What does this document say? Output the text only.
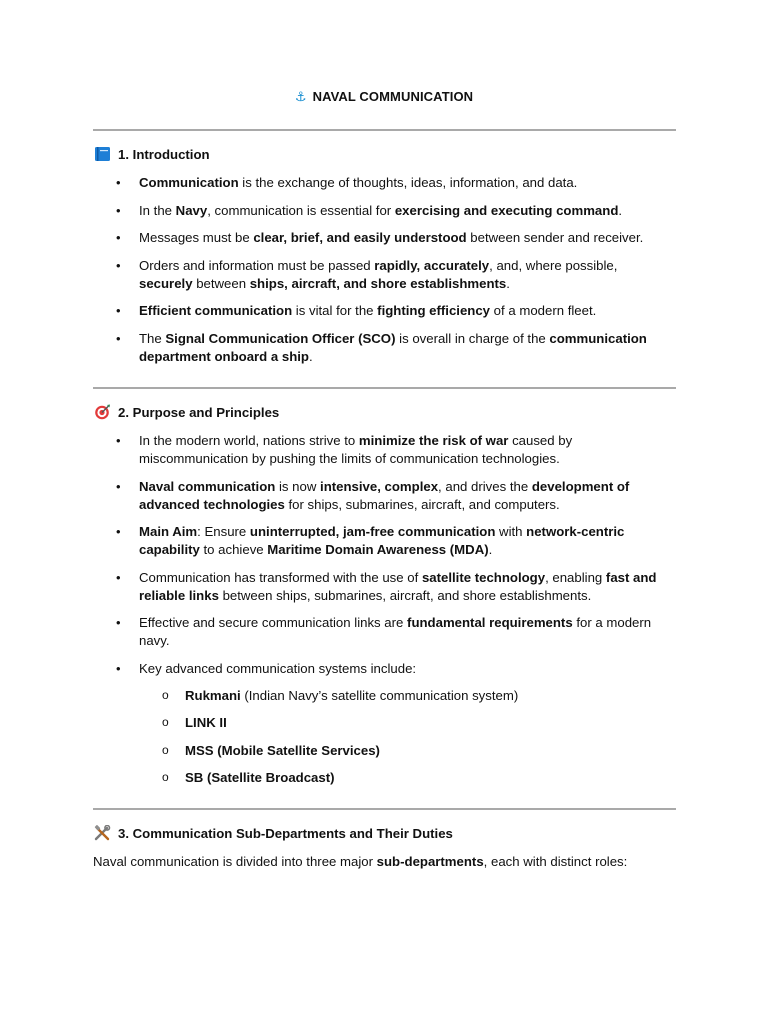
⚓ NAVAL COMMUNICATION
1. Introduction
• Communication is the exchange of thoughts, ideas, information, and data.
• In the Navy, communication is essential for exercising and executing command.
• Messages must be clear, brief, and easily understood between sender and receiver.
• Orders and information must be passed rapidly, accurately, and, where possible, securely between ships, aircraft, and shore establishments.
• Efficient communication is vital for the fighting efficiency of a modern fleet.
• The Signal Communication Officer (SCO) is overall in charge of the communication department onboard a ship.
2. Purpose and Principles
• In the modern world, nations strive to minimize the risk of war caused by miscommunication by pushing the limits of communication technologies.
• Naval communication is now intensive, complex, and drives the development of advanced technologies for ships, submarines, aircraft, and computers.
• Main Aim: Ensure uninterrupted, jam-free communication with network-centric capability to achieve Maritime Domain Awareness (MDA).
• Communication has transformed with the use of satellite technology, enabling fast and reliable links between ships, submarines, aircraft, and shore establishments.
• Effective and secure communication links are fundamental requirements for a modern navy.
• Key advanced communication systems include:
o Rukmani (Indian Navy’s satellite communication system)
o LINK II
o MSS (Mobile Satellite Services)
o SB (Satellite Broadcast)
3. Communication Sub-Departments and Their Duties
Naval communication is divided into three major sub-departments, each with distinct roles:
